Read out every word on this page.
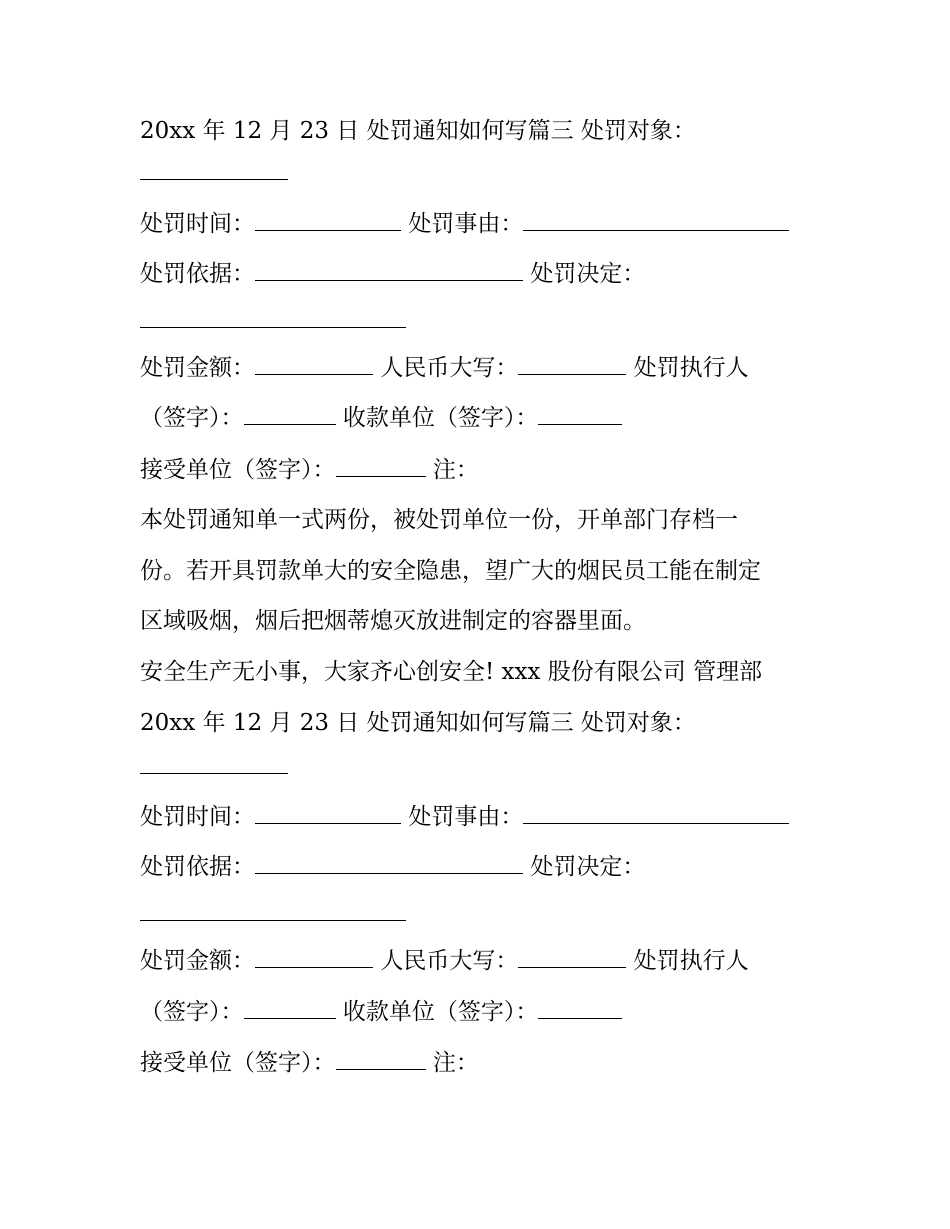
20xx 年 12 月 23 日 处罚通知如何写篇三 处罚对象：
处罚时间：	处罚事由：
处罚依据：	处罚决定：
处罚金额：	人民币大写：	处罚执行人
（签字）：	收款单位（签字）：
接受单位（签字）：	注：
本处罚通知单一式两份，被处罚单位一份，开单部门存档一
份。若开具罚款单大的安全隐患，望广大的烟民员工能在制定
区域吸烟，烟后把烟蒂熄灭放进制定的容器里面。
安全生产无小事，大家齐心创安全! xxx 股份有限公司 管理部
20xx 年 12 月 23 日 处罚通知如何写篇三 处罚对象：
处罚时间：	处罚事由：
处罚依据：	处罚决定：
处罚金额：	人民币大写：	处罚执行人
（签字）：	收款单位（签字）：
接受单位（签字）：	注：
